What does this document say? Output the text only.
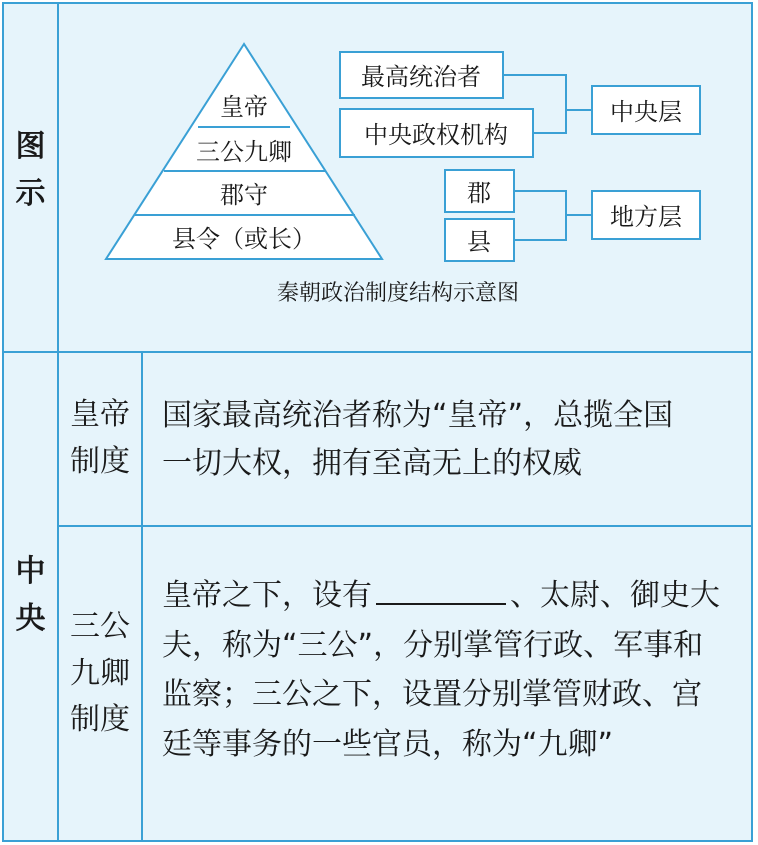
皇帝
三公九卿
郡守
县令（或长）
最高统治者
中央政权机构
中央层
郡
县
地方层
秦朝政治制度结构示意图
图
示
中
央
皇帝
制度
国家最高统治者称为“皇帝”，总揽全国
一切大权，拥有至高无上的权威
三公
九卿
制度
皇帝之下，设有	、太尉、御史大
夫，称为“三公”，分别掌管行政、军事和
监察；三公之下，设置分别掌管财政、宫
廷等事务的一些官员，称为“九卿”
